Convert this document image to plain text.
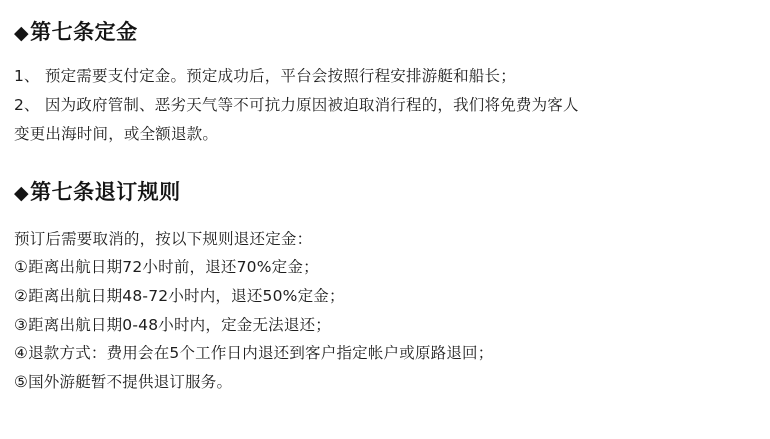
◆ 第七条 定金
1、 预定需要支付定金。预定成功后，平台会按照行程安排游艇和船长；
2、 因为政府管制、恶劣天气等不可抗力原因被迫取消行程的，我们将免费为客人
变更出海时间，或全额退款。
◆ 第七条 退订规则
预订后需要取消的，按以下规则退还定金：
①距离出航日期72小时前，退还70%定金；
②距离出航日期48-72小时内，退还50%定金；
③距离出航日期0-48小时内，定金无法退还；
④退款方式：费用会在5个工作日内退还到客户指定帐户或原路退回；
⑤国外游艇暂不提供退订服务。
